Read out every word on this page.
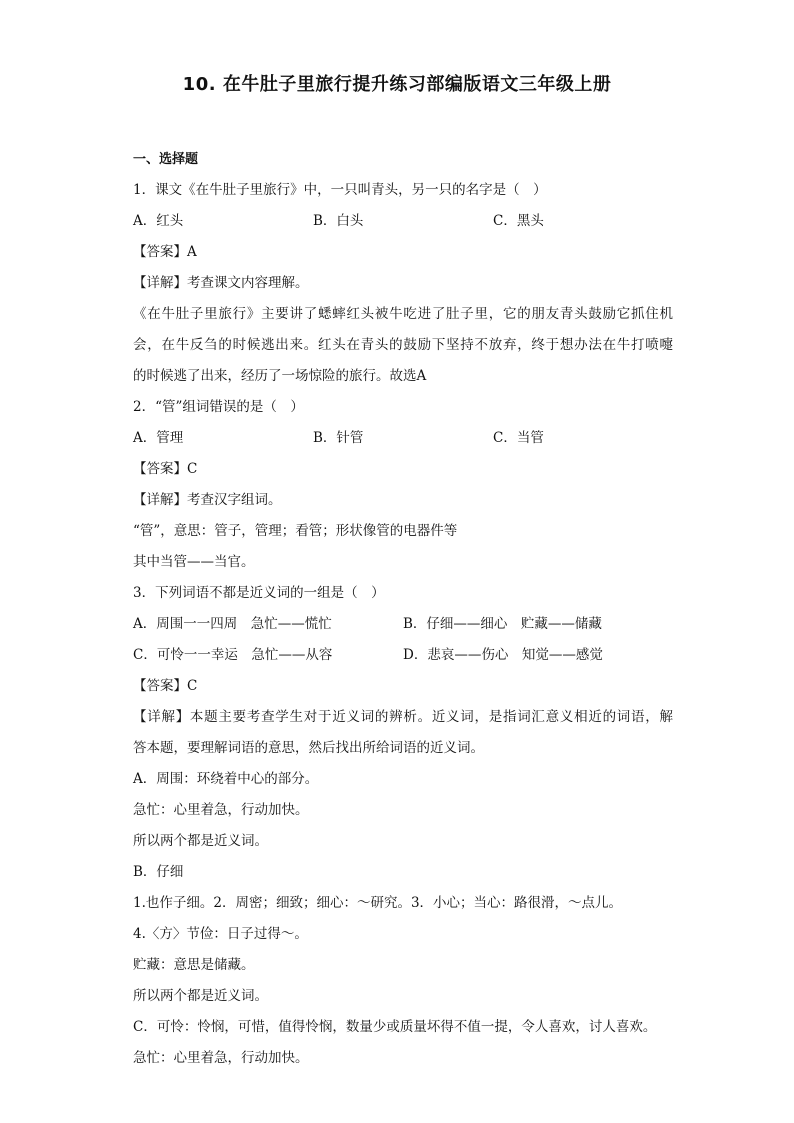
10. 在牛肚子里旅行提升练习部编版语文三年级上册
一、选择题
1．课文《在牛肚子里旅行》中，一只叫青头，另一只的名字是（　）
A．红头	B．白头	C．黑头
【答案】A
【详解】考查课文内容理解。
《在牛肚子里旅行》主要讲了蟋蟀红头被牛吃进了肚子里，它的朋友青头鼓励它抓住机
会，在牛反刍的时候逃出来。红头在青头的鼓励下坚持不放弃，终于想办法在牛打喷嚏
的时候逃了出来，经历了一场惊险的旅行。故选A
2．“管”组词错误的是（　）
A．管理	B．针管	C．当管
【答案】C
【详解】考查汉字组词。
“管”，意思：管子，管理；看管；形状像管的电器件等
其中当管——当官。
3．下列词语不都是近义词的一组是（　）
A．周围一一四周　急忙——慌忙	B．仔细——细心　贮藏——储藏
C．可怜一一幸运　急忙——从容	D．悲哀——伤心　知觉——感觉
【答案】C
【详解】本题主要考查学生对于近义词的辨析。近义词，是指词汇意义相近的词语，解
答本题，要理解词语的意思，然后找出所给词语的近义词。
A．周围：环绕着中心的部分。
急忙：心里着急，行动加快。
所以两个都是近义词。
B．仔细
1.也作子细。2．周密；细致；细心：～研究。3．小心；当心：路很滑，～点儿。
4.〈方〉节俭：日子过得～。
贮藏：意思是储藏。
所以两个都是近义词。
C．可怜：怜悯，可惜，值得怜悯，数量少或质量坏得不值一提，令人喜欢，讨人喜欢。
急忙：心里着急，行动加快。
